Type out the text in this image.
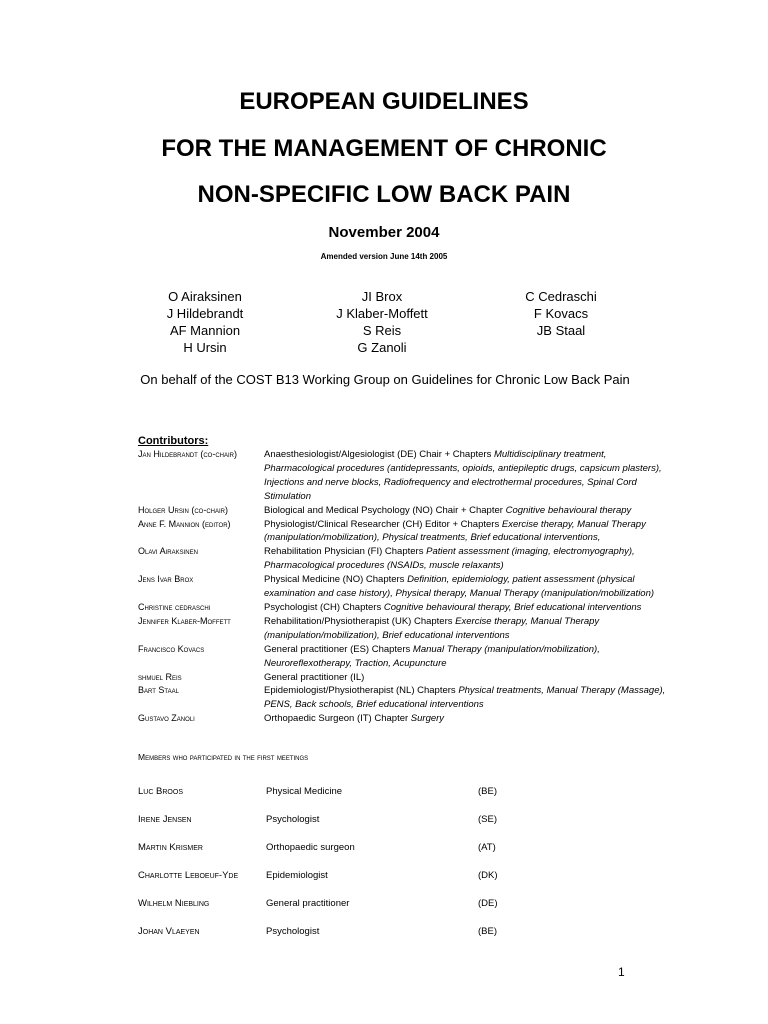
EUROPEAN GUIDELINES
FOR THE MANAGEMENT OF CHRONIC
NON-SPECIFIC LOW BACK PAIN
November 2004
Amended version June 14th 2005
O Airaksinen
J Hildebrandt
AF Mannion
H Ursin
JI Brox
J Klaber-Moffett
S Reis
G Zanoli
C Cedraschi
F Kovacs
JB Staal
On behalf of the COST B13 Working Group on Guidelines for Chronic Low Back Pain
Contributors:
Jan Hildebrandt (co-chair)	Anaesthesiologist/Algesiologist (DE) Chair + Chapters Multidisciplinary treatment, Pharmacological procedures (antidepressants, opioids, antiepileptic drugs, capsicum plasters), Injections and nerve blocks, Radiofrequency and electrothermal procedures, Spinal Cord Stimulation
Holger Ursin (co-chair)	Biological and Medical Psychology (NO) Chair + Chapter Cognitive behavioural therapy
Anne F. Mannion (editor)	Physiologist/Clinical Researcher (CH) Editor + Chapters Exercise therapy, Manual Therapy (manipulation/mobilization), Physical treatments, Brief educational interventions,
Olavi Airaksinen	Rehabilitation Physician (FI) Chapters Patient assessment (imaging, electromyography), Pharmacological procedures (NSAIDs, muscle relaxants)
Jens Ivar Brox	Physical Medicine (NO) Chapters Definition, epidemiology, patient assessment (physical examination and case history), Physical therapy, Manual Therapy (manipulation/mobilization)
Christine cedraschi	Psychologist (CH) Chapters Cognitive behavioural therapy, Brief educational interventions
Jennifer Klaber-Moffett	Rehabilitation/Physiotherapist (UK) Chapters Exercise therapy, Manual Therapy (manipulation/mobilization), Brief educational interventions
Francisco Kovacs	General practitioner (ES) Chapters Manual Therapy (manipulation/mobilization), Neuroreflexotherapy, Traction, Acupuncture
shmuel Reis	General practitioner (IL)
Bart Staal	Epidemiologist/Physiotherapist (NL) Chapters Physical treatments, Manual Therapy (Massage), PENS, Back schools, Brief educational interventions
Gustavo Zanoli	Orthopaedic Surgeon (IT) Chapter Surgery
Members who participated in the first meetings
Luc Broos	Physical Medicine	(BE)
Irene Jensen	Psychologist	(SE)
Martin Krismer	Orthopaedic surgeon	(AT)
Charlotte Leboeuf-Yde	Epidemiologist	(DK)
Wilhelm Niebling	General practitioner	(DE)
Johan Vlaeyen	Psychologist	(BE)
1
